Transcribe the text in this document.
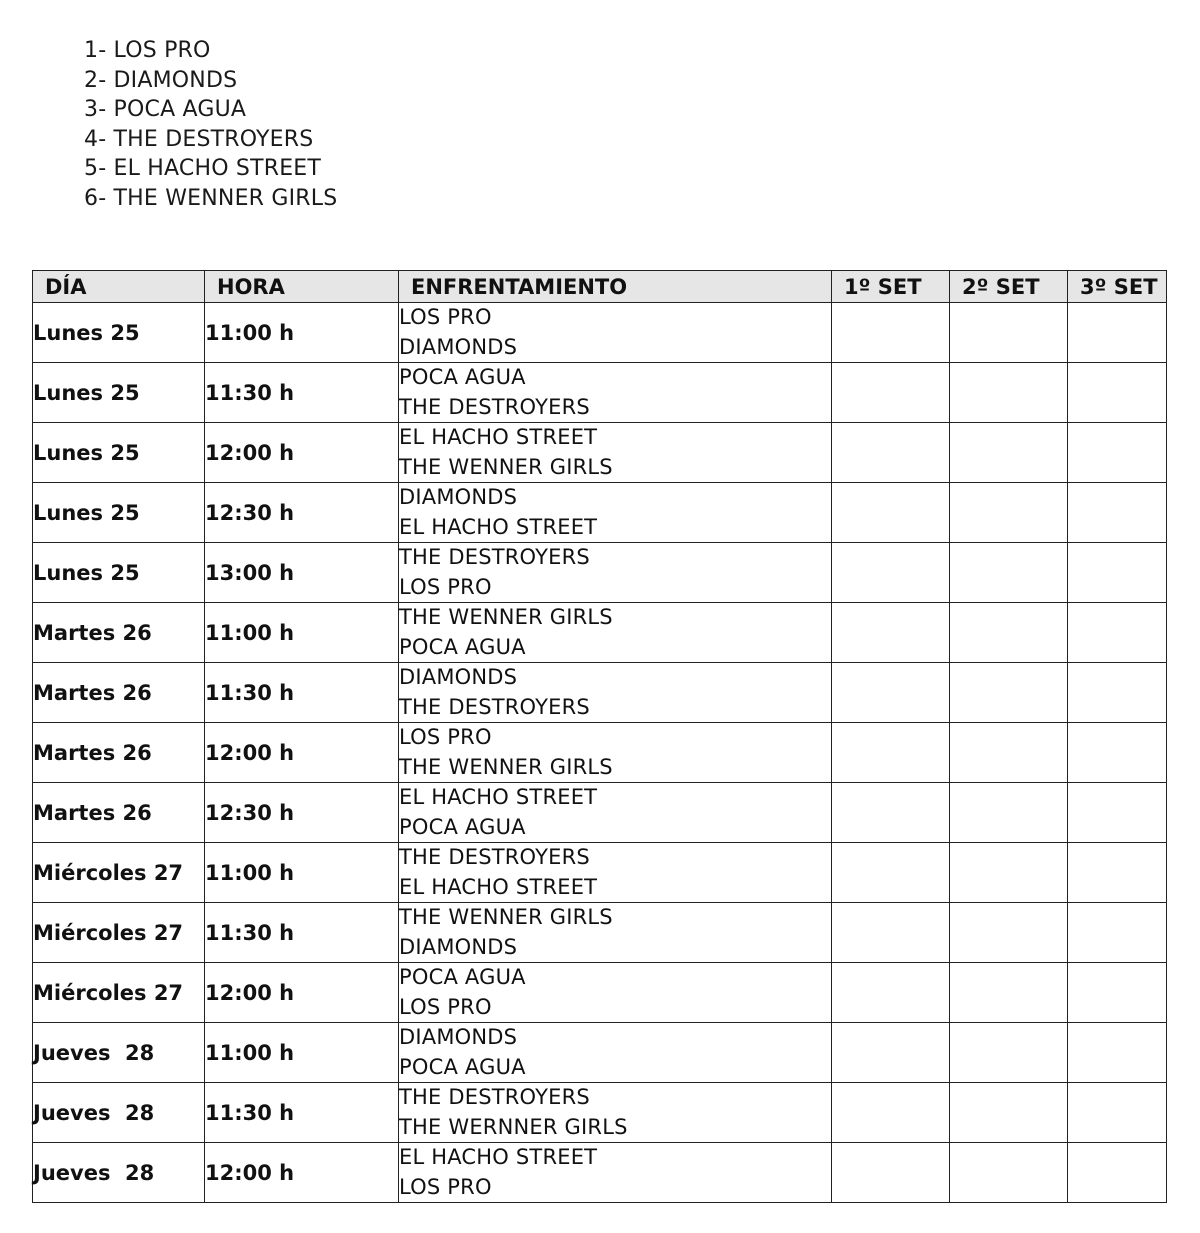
1- LOS PRO
2- DIAMONDS
3- POCA AGUA
4- THE DESTROYERS
5- EL HACHO STREET
6- THE WENNER GIRLS
DÍA	HORA	ENFRENTAMIENTO	1º SET	2º SET	3º SET
Lunes 25	11:00 h	LOS PRO
DIAMONDS			

Lunes 25	11:30 h	POCA AGUA
THE DESTROYERS			

Lunes 25	12:00 h	EL HACHO STREET
THE WENNER GIRLS			

Lunes 25	12:30 h	DIAMONDS
EL HACHO STREET			

Lunes 25	13:00 h	THE DESTROYERS
LOS PRO			

Martes 26	11:00 h	THE WENNER GIRLS
POCA AGUA			

Martes 26	11:30 h	DIAMONDS
THE DESTROYERS			

Martes 26	12:00 h	LOS PRO
THE WENNER GIRLS			

Martes 26	12:30 h	EL HACHO STREET
POCA AGUA			

Miércoles 27	11:00 h	THE DESTROYERS
EL HACHO STREET			

Miércoles 27	11:30 h	THE WENNER GIRLS
DIAMONDS			

Miércoles 27	12:00 h	POCA AGUA
LOS PRO			

Jueves  28	11:00 h	DIAMONDS
POCA AGUA			

Jueves  28	11:30 h	THE DESTROYERS
THE WERNNER GIRLS			

Jueves  28	12:00 h	EL HACHO STREET
LOS PRO			
